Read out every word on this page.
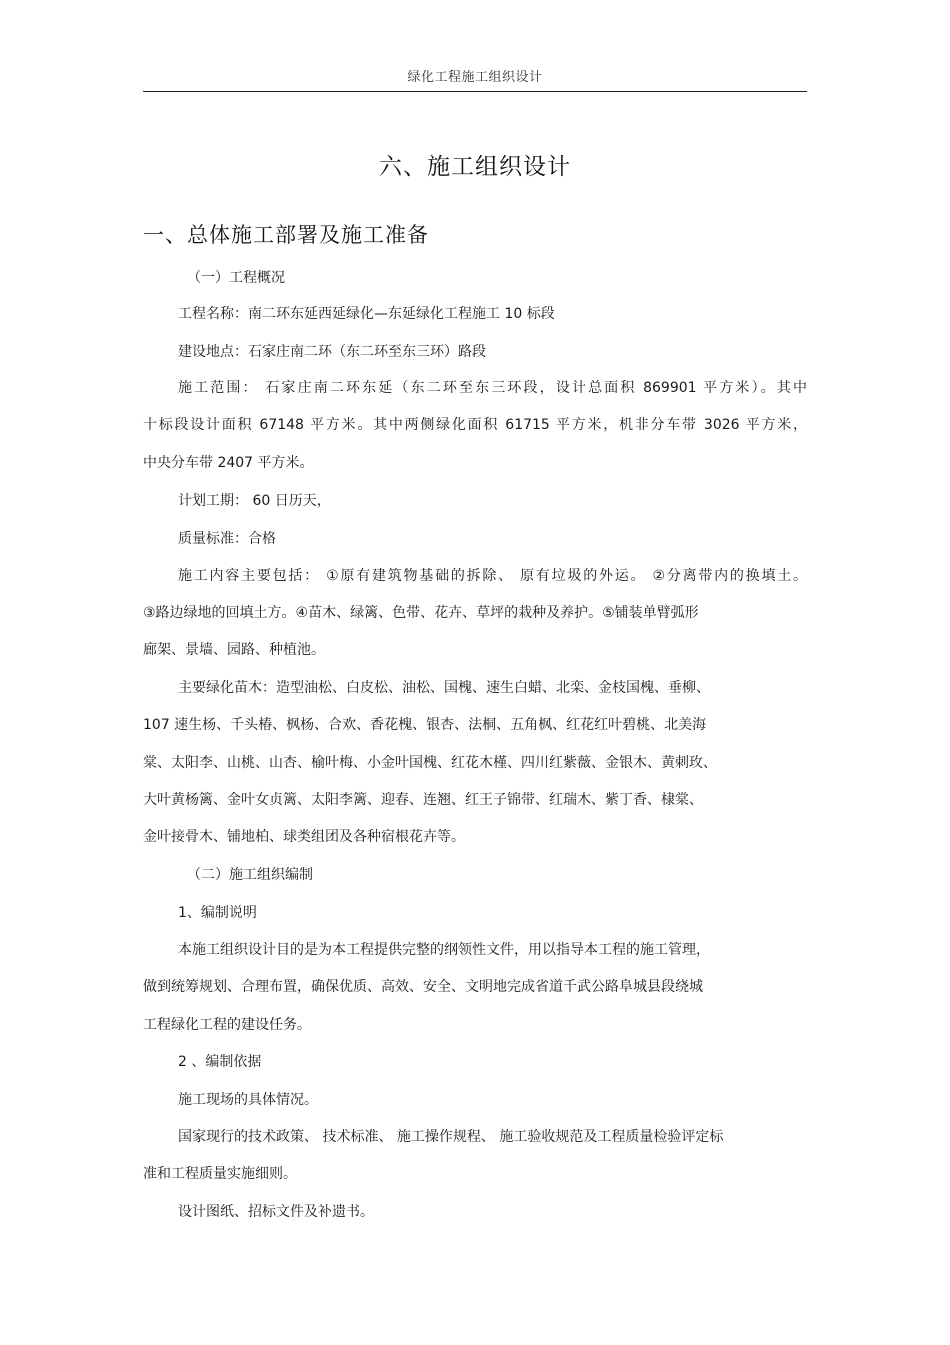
绿化工程施工组织设计
六、施工组织设计
一、总体施工部署及施工准备
（一）工程概况
工程名称：南二环东延西延绿化—东延绿化工程施工 10 标段
建设地点：石家庄南二环（东二环至东三环）路段
施工范围： 石家庄南二环东延（东二环至东三环段，设计总面积 869901 平方米）。其中
十标段设计面积 67148 平方米。其中两侧绿化面积 61715 平方米，机非分车带 3026 平方米，
中央分车带 2407 平方米。
计划工期： 60 日历天，
质量标准：合格
施工内容主要包括： ①原有建筑物基础的拆除、 原有垃圾的外运。 ②分离带内的换填土。
③路边绿地的回填土方。④苗木、绿篱、色带、花卉、草坪的栽种及养护。⑤铺装单臂弧形
廊架、景墙、园路、种植池。
主要绿化苗木：造型油松、白皮松、油松、国槐、速生白蜡、北栾、金枝国槐、垂柳、
107 速生杨、千头椿、枫杨、合欢、香花槐、银杏、法桐、五角枫、红花红叶碧桃、北美海
棠、太阳李、山桃、山杏、榆叶梅、小金叶国槐、红花木槿、四川红紫薇、金银木、黄刺玫、
大叶黄杨篱、金叶女贞篱、太阳李篱、迎春、连翘、红王子锦带、红瑞木、紫丁香、棣棠、
金叶接骨木、铺地柏、球类组团及各种宿根花卉等。
（二）施工组织编制
1、编制说明
本施工组织设计目的是为本工程提供完整的纲领性文件，用以指导本工程的施工管理，
做到统筹规划、合理布置，确保优质、高效、安全、文明地完成省道千武公路阜城县段绕城
工程绿化工程的建设任务。
2 、编制依据
施工现场的具体情况。
国家现行的技术政策、 技术标准、 施工操作规程、 施工验收规范及工程质量检验评定标
准和工程质量实施细则。
设计图纸、招标文件及补遗书。
